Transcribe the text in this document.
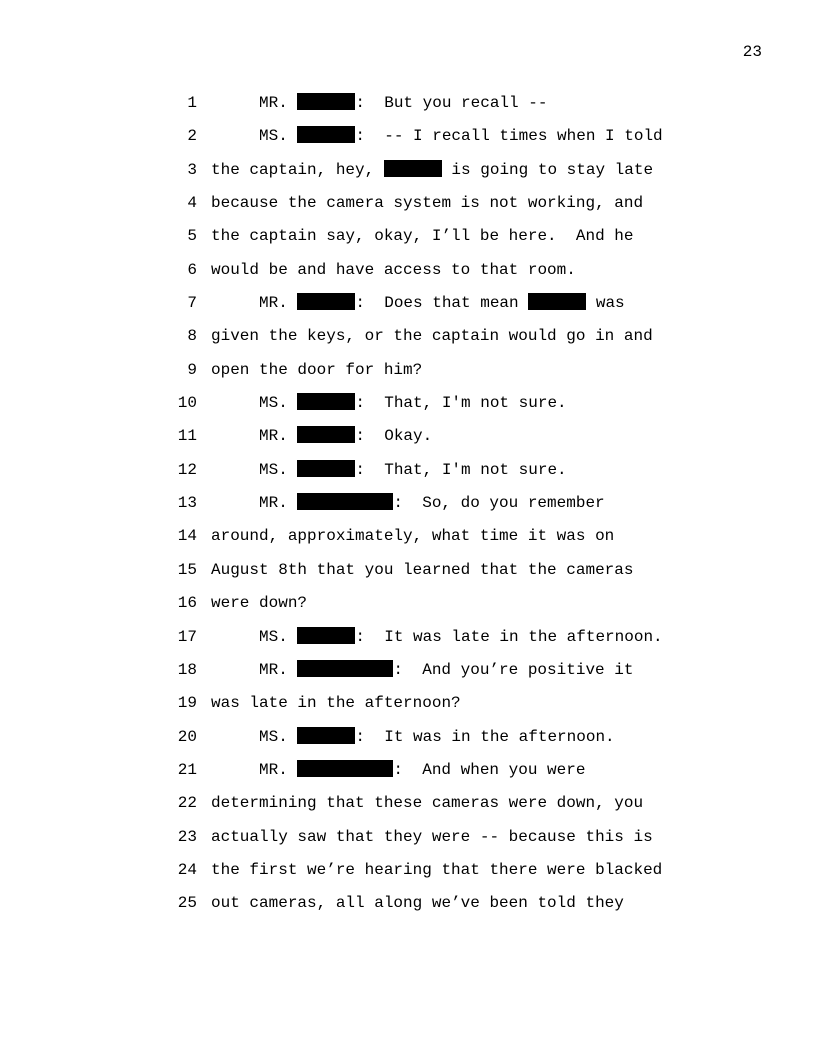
23
1	MR.	:  But you recall --
2	MS.	:  -- I recall times when I told
3 the captain, hey,	is going to stay late
4 because the camera system is not working, and
5 the captain say, okay, I’ll be here.  And he
6 would be and have access to that room.
7	MR.	:  Does that mean	was
8 given the keys, or the captain would go in and
9 open the door for him?
10	MS.	:  That, I'm not sure.
11	MR.	:  Okay.
12	MS.	:  That, I'm not sure.
13	MR.	:  So, do you remember
14 around, approximately, what time it was on
15 August 8th that you learned that the cameras
16 were down?
17	MS.	:  It was late in the afternoon.
18	MR.	:  And you’re positive it
19 was late in the afternoon?
20	MS.	:  It was in the afternoon.
21	MR.	:  And when you were
22 determining that these cameras were down, you
23 actually saw that they were -- because this is
24 the first we’re hearing that there were blacked
25 out cameras, all along we’ve been told they
